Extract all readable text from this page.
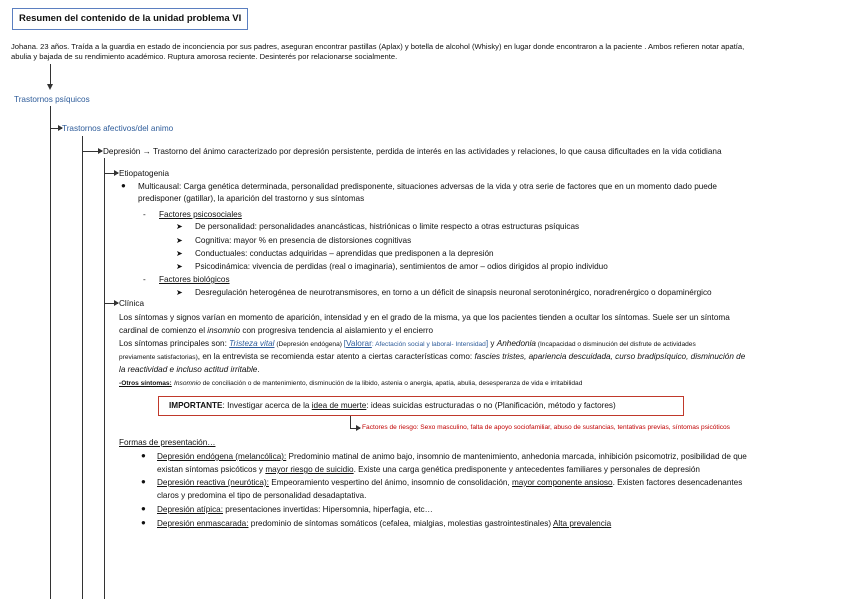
Resumen del contenido de la unidad problema VI
Johana. 23 años. Traída a la guardia en estado de inconciencia por sus padres, aseguran encontrar pastillas (Aplax) y botella de alcohol (Whisky) en lugar donde encontraron a la paciente . Ambos refieren notar apatía,
abulia y bajada de su rendimiento académico. Ruptura amorosa reciente. Desinterés por relacionarse socialmente.
Trastornos psíquicos
Trastornos afectivos/del animo
Depresión → Trastorno del ánimo caracterizado por depresión persistente, perdida de interés en las actividades y relaciones, lo que causa dificultades en la vida cotidiana
Etiopatogenia
● Multicausal: Carga genética determinada, personalidad predisponente, situaciones adversas de la vida y otra serie de factores que en un momento dado puede
predisponer (gatillar), la aparición del trastorno y sus síntomas
- Factores psicosociales
➤ De personalidad: personalidades anancásticas, histriónicas o limite respecto a otras estructuras psíquicas
➤ Cognitiva: mayor % en presencia de distorsiones cognitivas
➤ Conductuales: conductas adquiridas – aprendidas que predisponen a la depresión
➤ Psicodinámica: vivencia de perdidas (real o imaginaria), sentimientos de amor – odios dirigidos al propio individuo
- Factores biológicos
➤ Desregulación heterogénea de neurotransmisores, en torno a un déficit de sinapsis neuronal serotoninérgico, noradrenérgico o dopaminérgico
Clínica
Los síntomas y signos varían en momento de aparición, intensidad y en el grado de la misma, ya que los pacientes tienden a ocultar los síntomas. Suele ser un síntoma
cardinal de comienzo el insomnio con progresiva tendencia al aislamiento y el encierro
Los síntomas principales son: Tristeza vital (Depresión endógena) [Valorar: Afectación social y laboral- Intensidad] y Anhedonia (Incapacidad o disminución del disfrute de actividades
previamente satisfactorias), en la entrevista se recomienda estar atento a ciertas características como: fascies tristes, apariencia descuidada, curso bradipsíquico, disminución de
la reactividad e incluso actitud irritable.
-Otros síntomas: Insomnio de conciliación o de mantenimiento, disminución de la libido, astenia o anergia, apatía, abulia, desesperanza de vida e irritabilidad
IMPORTANTE: Investigar acerca de la idea de muerte: ideas suicidas estructuradas o no (Planificación, método y factores)
Factores de riesgo: Sexo masculino, falta de apoyo sociofamiliar, abuso de sustancias, tentativas previas, síntomas psicóticos
Formas de presentación…
● Depresión endógena (melancólica): Predominio matinal de animo bajo, insomnio de mantenimiento, anhedonia marcada, inhibición psicomotriz, posibilidad de que
existan síntomas psicóticos y mayor riesgo de suicidio. Existe una carga genética predisponente y antecedentes familiares y personales de depresión
● Depresión reactiva (neurótica): Empeoramiento vespertino del ánimo, insomnio de consolidación, mayor componente ansioso. Existen factores desencadenantes
claros y predomina el tipo de personalidad desadaptativa.
● Depresión atípica: presentaciones invertidas: Hipersomnia, hiperfagia, etc…
● Depresión enmascarada: predominio de síntomas somáticos (cefalea, mialgias, molestias gastrointestinales) Alta prevalencia
